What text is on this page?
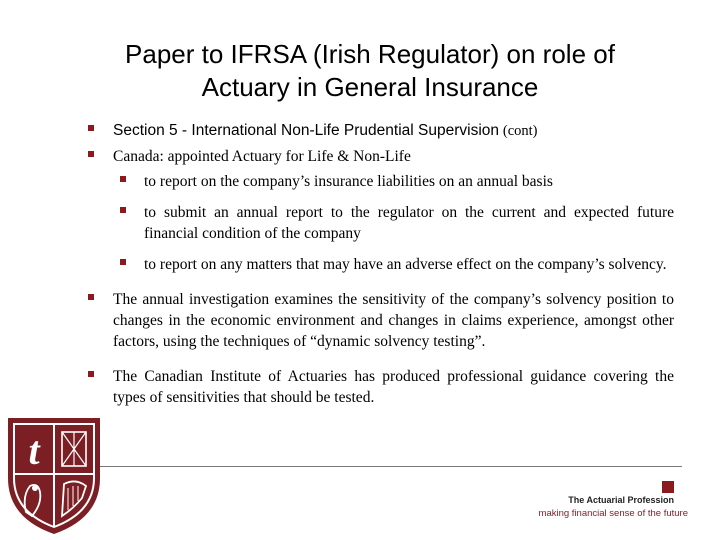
Paper to IFRSA (Irish Regulator) on role of
Actuary in General Insurance
Section 5 - International Non-Life Prudential Supervision (cont)
Canada: appointed Actuary for Life & Non-Life
to report on the company’s insurance liabilities on an annual basis
to submit an annual report to the regulator on the current and expected future financial condition of the company
to report on any matters that may have an adverse effect on the company’s solvency.
The annual investigation examines the sensitivity of the company’s solvency position to changes in the economic environment and changes in claims experience, amongst other factors, using the techniques of “dynamic solvency testing”.
The Canadian Institute of Actuaries has produced professional guidance covering the types of sensitivities that should be tested.
t
The Actuarial Profession
making financial sense of the future
